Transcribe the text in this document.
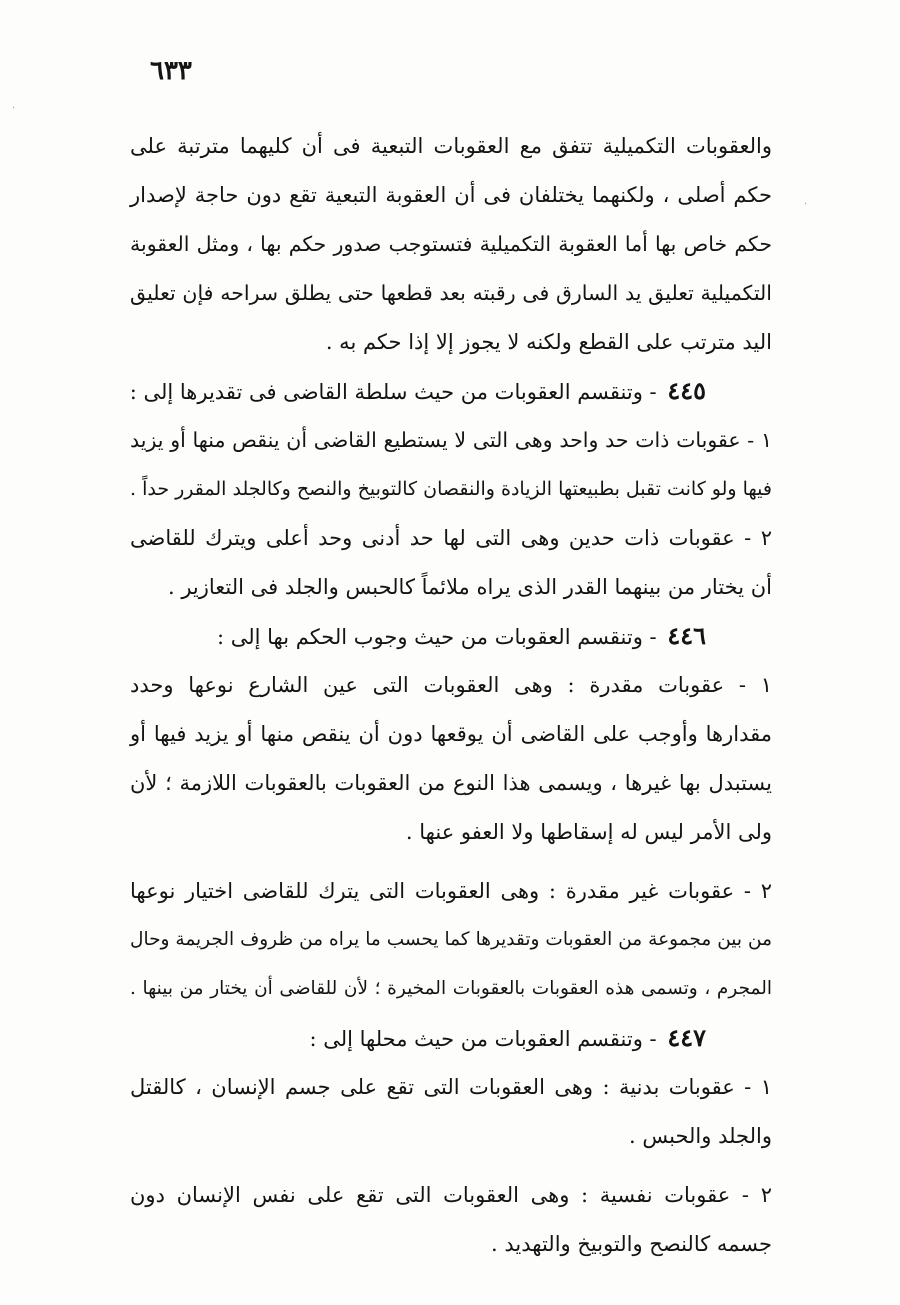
٦٣٣
.
.
والعقوبات التكميلية تتفق مع العقوبات التبعية فى أن كليهما مترتبة على
حكم أصلى ، ولكنهما يختلفان فى أن العقوبة التبعية تقع دون حاجة لإصدار
حكم خاص بها أما العقوبة التكميلية فتستوجب صدور حكم بها ، ومثل العقوبة
التكميلية تعليق يد السارق فى رقبته بعد قطعها حتى يطلق سراحه فإن تعليق
اليد مترتب على القطع ولكنه لا يجوز إلا إذا حكم به .
٤٤٥ - وتنقسم العقوبات من حيث سلطة القاضى فى تقديرها إلى :
١ - عقوبات ذات حد واحد وهى التى لا يستطيع القاضى أن ينقص منها أو يزيد
فيها ولو كانت تقبل بطبيعتها الزيادة والنقصان كالتوبيخ والنصح وكالجلد المقرر حداً .
٢ - عقوبات ذات حدين وهى التى لها حد أدنى وحد أعلى ويترك للقاضى
أن يختار من بينهما القدر الذى يراه ملائماً كالحبس والجلد فى التعازير .
٤٤٦ - وتنقسم العقوبات من حيث وجوب الحكم بها إلى :
١ - عقوبات مقدرة : وهى العقوبات التى عين الشارع نوعها وحدد
مقدارها وأوجب على القاضى أن يوقعها دون أن ينقص منها أو يزيد فيها أو
يستبدل بها غيرها ، ويسمى هذا النوع من العقوبات بالعقوبات اللازمة ؛ لأن
ولى الأمر ليس له إسقاطها ولا العفو عنها .
٢ - عقوبات غير مقدرة : وهى العقوبات التى يترك للقاضى اختيار نوعها
من بين مجموعة من العقوبات وتقديرها كما يحسب ما يراه من ظروف الجريمة وحال
المجرم ، وتسمى هذه العقوبات بالعقوبات المخيرة ؛ لأن للقاضى أن يختار من بينها .
٤٤٧ - وتنقسم العقوبات من حيث محلها إلى :
١ - عقوبات بدنية : وهى العقوبات التى تقع على جسم الإنسان ، كالقتل
والجلد والحبس .
٢ - عقوبات نفسية : وهى العقوبات التى تقع على نفس الإنسان دون
جسمه كالنصح والتوبيخ والتهديد .
